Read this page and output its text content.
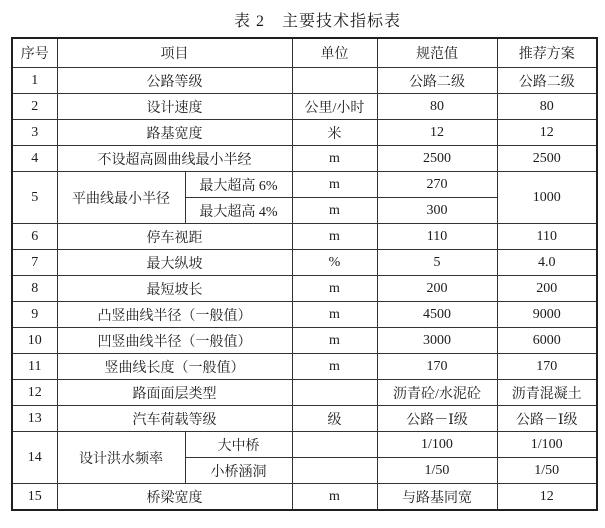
表 2　主要技术指标表
序号	项目		单位	规范值	推荐方案
1	公路等级			公路二级	公路二级
2	设计速度		公里/小时	80	80
3	路基宽度		米	12	12
4	不设超高圆曲线最小半经		m	2500	2500
5	平曲线最小半径	最大超高 6%	m	270	1000
		最大超高 4%	m	300	
6	停车视距		m	110	110
7	最大纵坡		%	5	4.0
8	最短坡长		m	200	200
9	凸竖曲线半径（一般值）		m	4500	9000
10	凹竖曲线半径（一般值）		m	3000	6000
11	竖曲线长度（一般值）		m	170	170
12	路面面层类型			沥青砼/水泥砼	沥青混凝土
13	汽车荷载等级		级	公路－Ⅰ级	公路－Ⅰ级
14	设计洪水频率	大中桥		1/100	1/100
		小桥涵洞		1/50	1/50
15	桥梁宽度		m	与路基同宽	12
